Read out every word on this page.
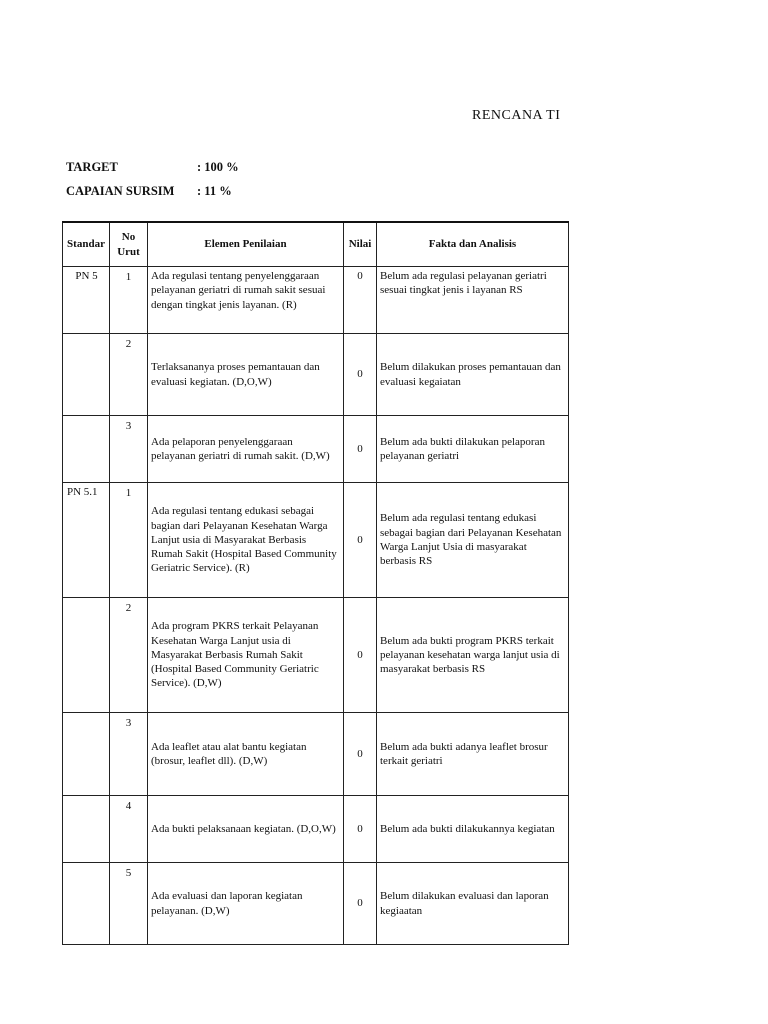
RENCANA TI
TARGET	: 100 %
CAPAIAN SURSIM : 11 %
Standar	No Urut	Elemen Penilaian	Nilai	Fakta dan Analisis
PN 5	1	Ada regulasi tentang penyelenggaraan pelayanan geriatri di rumah sakit sesuai dengan tingkat jenis layanan. (R)	0	Belum ada regulasi pelayanan geriatri sesuai tingkat jenis i layanan RS
	2	Terlaksananya proses pemantauan dan evaluasi kegiatan. (D,O,W)	0	Belum dilakukan proses pemantauan dan evaluasi kegaiatan
	3	Ada pelaporan penyelenggaraan pelayanan geriatri di rumah sakit. (D,W)	0	Belum ada bukti dilakukan pelaporan pelayanan geriatri
PN 5.1	1	Ada regulasi tentang edukasi sebagai bagian dari Pelayanan Kesehatan Warga Lanjut usia di Masyarakat Berbasis Rumah Sakit (Hospital Based Community Geriatric Service). (R)	0	Belum ada regulasi tentang edukasi sebagai bagian dari Pelayanan Kesehatan Warga Lanjut Usia di masyarakat berbasis RS
	2	Ada program PKRS terkait Pelayanan Kesehatan Warga Lanjut usia di Masyarakat Berbasis Rumah Sakit (Hospital Based Community Geriatric Service). (D,W)	0	Belum ada bukti program PKRS terkait pelayanan kesehatan warga lanjut usia di masyarakat berbasis RS
	3	Ada leaflet atau alat bantu kegiatan (brosur, leaflet dll). (D,W)	0	Belum ada bukti adanya leaflet brosur terkait geriatri
	4	Ada bukti pelaksanaan kegiatan. (D,O,W)	0	Belum ada bukti dilakukannya kegiatan
	5	Ada evaluasi dan laporan kegiatan pelayanan. (D,W)	0	Belum dilakukan evaluasi dan laporan kegiaatan
